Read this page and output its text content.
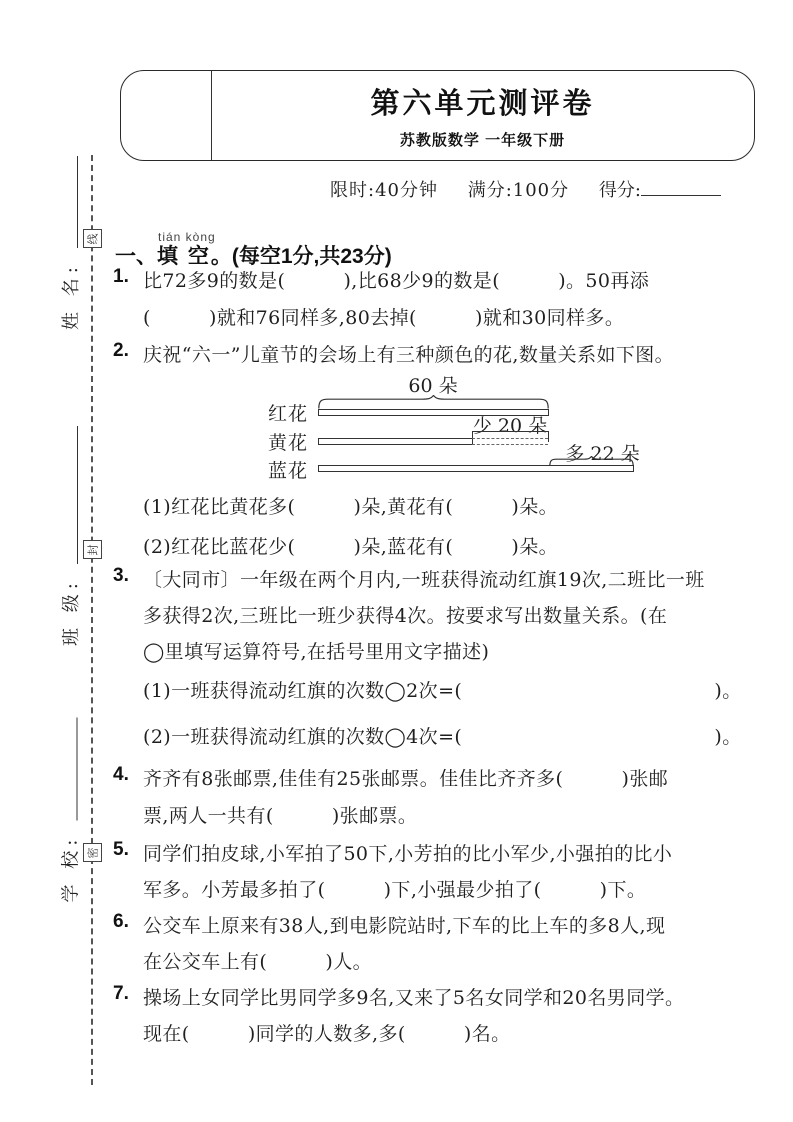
姓 名:
班 级:
学 校:
线
封
密
第六单元测评卷
苏教版数学 一年级下册
限时:40分钟 满分:100分 得分:
一、
tián kòng
填 空。(每空1分,共23分)
1. 比72多9的数是(　　　),比68少9的数是(　　　)。50再添
(　　　)就和76同样多,80去掉(　　　)就和30同样多。
2. 庆祝“六一”儿童节的会场上有三种颜色的花,数量关系如下图。
60 朵
红花
少 20 朵
黄花	多 22 朵
蓝花
(1)红花比黄花多(　　　)朵,黄花有(　　　)朵。
(2)红花比蓝花少(　　　)朵,蓝花有(　　　)朵。
3. 〔大同市〕一年级在两个月内,一班获得流动红旗19次,二班比一班
多获得2次,三班比一班少获得4次。按要求写出数量关系。(在
◯里填写运算符号,在括号里用文字描述)
(1)一班获得流动红旗的次数◯2次=(　　　　　　　　　　　　　)。
(2)一班获得流动红旗的次数◯4次=(　　　　　　　　　　　　　)。
4. 齐齐有8张邮票,佳佳有25张邮票。佳佳比齐齐多(　　　)张邮
票,两人一共有(　　　)张邮票。
5. 同学们拍皮球,小军拍了50下,小芳拍的比小军少,小强拍的比小
军多。小芳最多拍了(　　　)下,小强最少拍了(　　　)下。
6. 公交车上原来有38人,到电影院站时,下车的比上车的多8人,现
在公交车上有(　　　)人。
7. 操场上女同学比男同学多9名,又来了5名女同学和20名男同学。
现在(　　　)同学的人数多,多(　　　)名。
